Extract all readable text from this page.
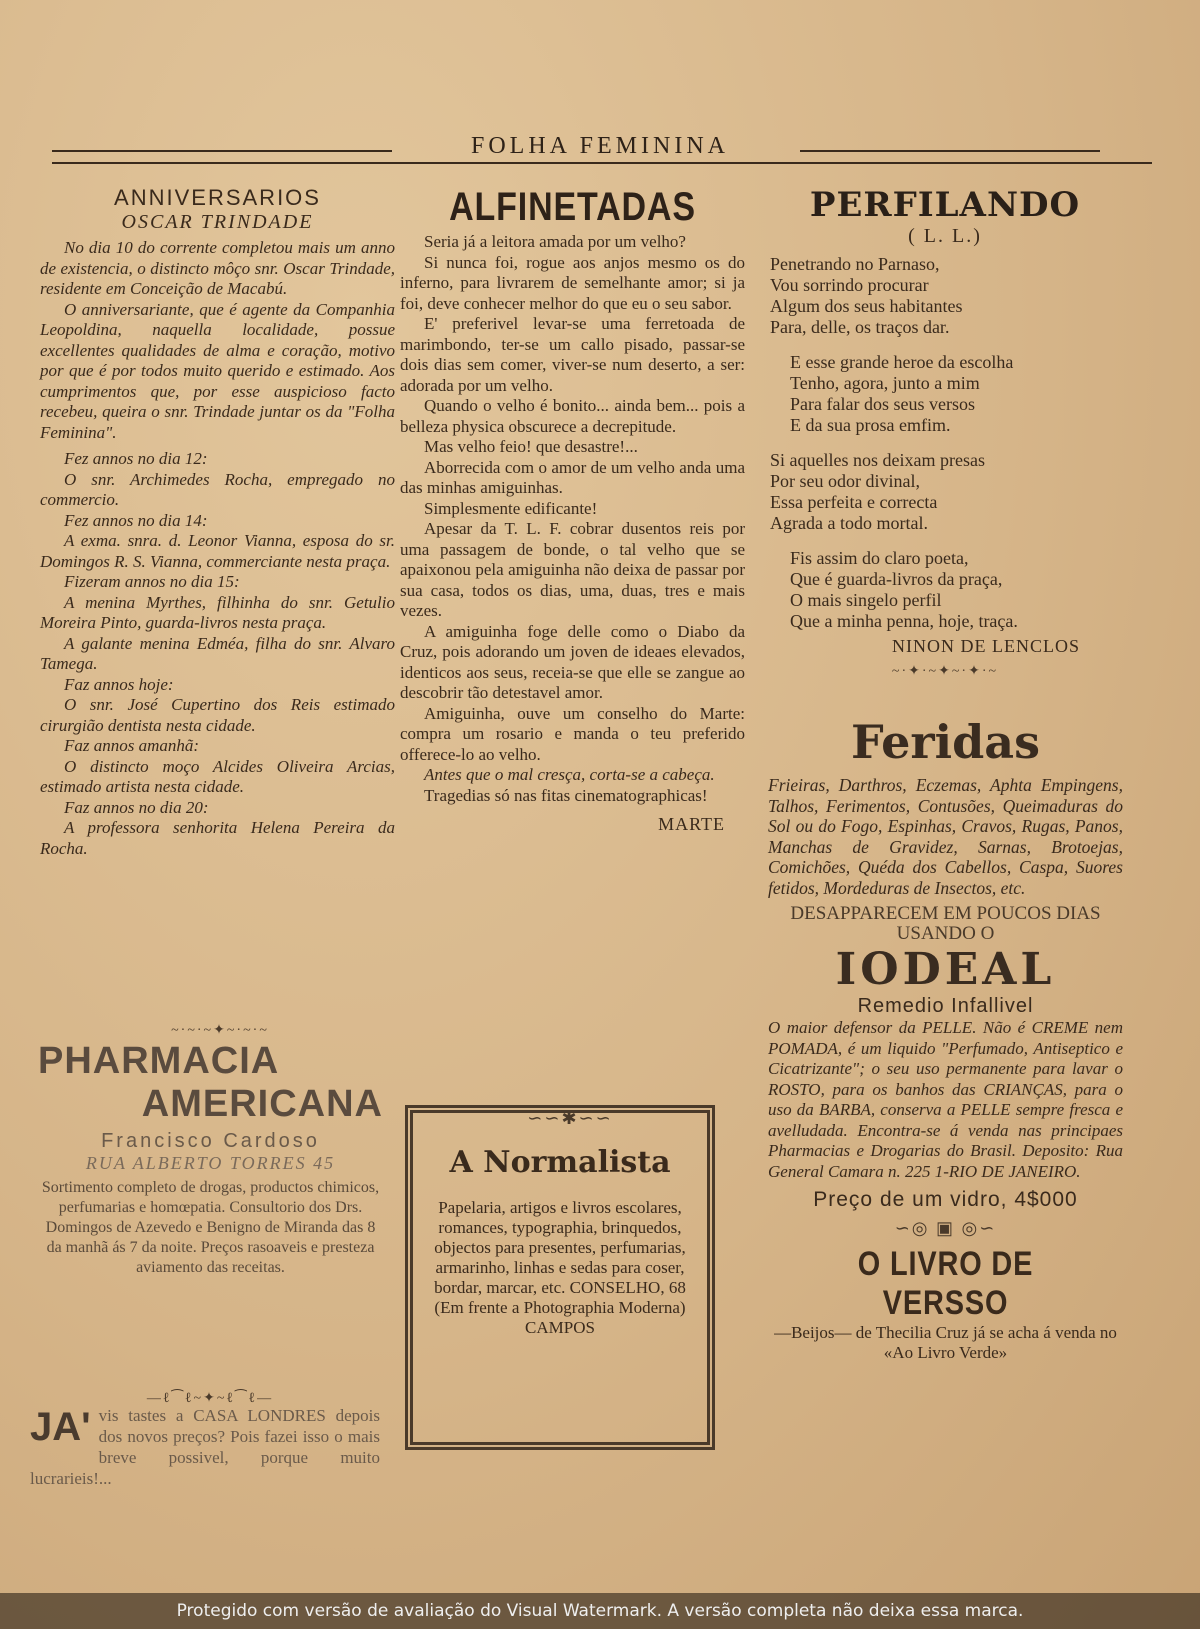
FOLHA FEMININA
ANNIVERSARIOS
OSCAR TRINDADE

No dia 10 do corrente completou mais um anno de existencia, o distincto môço snr. Oscar Trindade, residente em Conceição de Macabú.

O anniversariante, que é agente da Companhia Leopoldina, naquella localidade, possue excellentes qualidades de alma e coração, motivo por que é por todos muito querido e estimado. Aos cumprimentos que, por esse auspicioso facto recebeu, queira o snr. Trindade juntar os da "Folha Feminina".

Fez annos no dia 12:

O snr. Archimedes Rocha, empregado no commercio.

Fez annos no dia 14:

A exma. snra. d. Leonor Vianna, esposa do sr. Domingos R. S. Vianna, commerciante nesta praça.

Fizeram annos no dia 15:

A menina Myrthes, filhinha do snr. Getulio Moreira Pinto, guarda-livros nesta praça.

A galante menina Edméa, filha do snr. Alvaro Tamega.

Faz annos hoje:

O snr. José Cupertino dos Reis estimado cirurgião dentista nesta cidade.

Faz annos amanhã:

O distincto moço Alcides Oliveira Arcias, estimado artista nesta cidade.

Faz annos no dia 20:

A professora senhorita Helena Pereira da Rocha.

~·~·~✦~·~·~
PHARMACIA
AMERICANA
Francisco Cardoso
RUA ALBERTO TORRES 45
Sortimento completo de drogas, productos chimicos, perfumarias e homœpatia. Consultorio dos Drs. Domingos de Azevedo e Benigno de Miranda das 8 da manhã ás 7 da noite. Preços rasoaveis e presteza aviamento das receitas.
—ℓ⁀ℓ~✦~ℓ⁀ℓ—
JA' vis tastes a CASA LONDRES depois dos novos preços? Pois fazei isso o mais breve possivel, porque muito lucrarieis!...
ALFINETADAS

Seria já a leitora amada por um velho?

Si nunca foi, rogue aos anjos mesmo os do inferno, para livrarem de semelhante amor; si ja foi, deve conhecer melhor do que eu o seu sabor.

E' preferivel levar-se uma ferretoada de marimbondo, ter-se um callo pisado, passar-se dois dias sem comer, viver-se num deserto, a ser: adorada por um velho.

Quando o velho é bonito... ainda bem... pois a belleza physica obscurece a decrepitude.

Mas velho feio! que desastre!...

Aborrecida com o amor de um velho anda uma das minhas amiguinhas.

Simplesmente edificante!

Apesar da T. L. F. cobrar dusentos reis por uma passagem de bonde, o tal velho que se apaixonou pela amiguinha não deixa de passar por sua casa, todos os dias, uma, duas, tres e mais vezes.

A amiguinha foge delle como o Diabo da Cruz, pois adorando um joven de ideaes elevados, identicos aos seus, receia-se que elle se zangue ao descobrir tão detestavel amor.

Amiguinha, ouve um conselho do Marte: compra um rosario e manda o teu preferido offerece-lo ao velho.

Antes que o mal cresça, corta-se a cabeça.

Tragedias só nas fitas cinematographicas!

MARTE
∽∽✱∽∽
A Normalista
Papelaria, artigos e livros escolares, romances, typographia, brinquedos, objectos para presentes, perfumarias, armarinho, linhas e sedas para coser, bordar, marcar, etc. CONSELHO, 68 (Em frente a Photographia Moderna) CAMPOS
PERFILANDO
( L. L.)

Penetrando no Parnaso,

Vou sorrindo procurar

Algum dos seus habitantes

Para, delle, os traços dar.

E esse grande heroe da escolha

Tenho, agora, junto a mim

Para falar dos seus versos

E da sua prosa emfim.

Si aquelles nos deixam presas

Por seu odor divinal,

Essa perfeita e correcta

Agrada a todo mortal.

Fis assim do claro poeta,

Que é guarda-livros da praça,

O mais singelo perfil

Que a minha penna, hoje, traça.

NINON DE LENCLOS
~·✦·~✦~·✦·~
Feridas
Frieiras, Darthros, Eczemas, Aphta Empingens, Talhos, Ferimentos, Contusões, Queimaduras do Sol ou do Fogo, Espinhas, Cravos, Rugas, Panos, Manchas de Gravidez, Sarnas, Brotoejas, Comichões, Quéda dos Cabellos, Caspa, Suores fetidos, Mordeduras de Insectos, etc.
DESAPPARECEM EM POUCOS DIAS USANDO O
IODEAL
Remedio Infallivel
O maior defensor da PELLE. Não é CREME nem POMADA, é um liquido "Perfumado, Antiseptico e Cicatrizante"; o seu uso permanente para lavar o ROSTO, para os banhos das CRIANÇAS, para o uso da BARBA, conserva a PELLE sempre fresca e avelludada. Encontra-se á venda nas principaes Pharmacias e Drogarias do Brasil. Deposito: Rua General Camara n. 225 1-RIO DE JANEIRO.
Preço de um vidro, 4$000
∽◎ ▣ ◎∽
O LIVRO DE VERSSO
—Beijos— de Thecilia Cruz já se acha á venda no «Ao Livro Verde»
Protegido com versão de avaliação do Visual Watermark. A versão completa não deixa essa marca.
